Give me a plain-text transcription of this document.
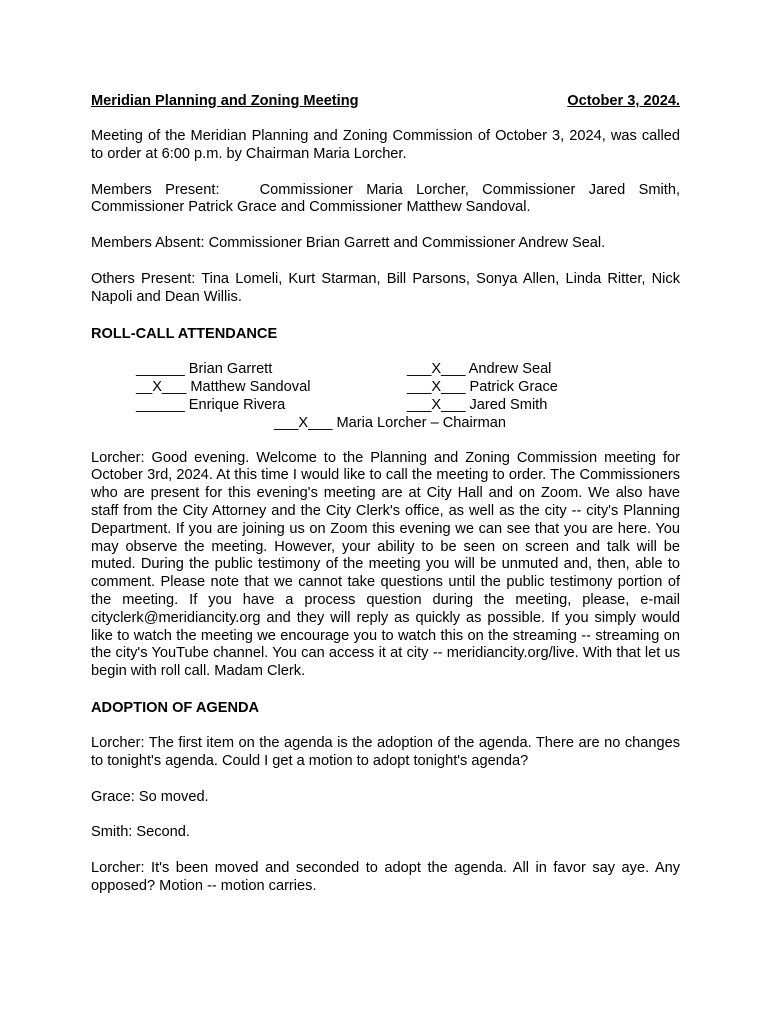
Meridian Planning and Zoning Meeting	October 3, 2024.

Meeting of the Meridian Planning and Zoning Commission of October 3, 2024, was called to order at 6:00 p.m. by Chairman Maria Lorcher.

Members Present:   Commissioner Maria Lorcher, Commissioner Jared Smith, Commissioner Patrick Grace and Commissioner Matthew Sandoval.

Members Absent: Commissioner Brian Garrett and Commissioner Andrew Seal.

Others Present: Tina Lomeli, Kurt Starman, Bill Parsons, Sonya Allen, Linda Ritter, Nick Napoli and Dean Willis.

ROLL-CALL ATTENDANCE
______ Brian Garrett
__X___ Matthew Sandoval
______ Enrique Rivera
___X___ Andrew Seal
___X___ Patrick Grace
___X___ Jared Smith
___X___ Maria Lorcher – Chairman

Lorcher: Good evening. Welcome to the Planning and Zoning Commission meeting for October 3rd, 2024. At this time I would like to call the meeting to order. The Commissioners who are present for this evening's meeting are at City Hall and on Zoom. We also have staff from the City Attorney and the City Clerk's office, as well as the city -- city's Planning Department. If you are joining us on Zoom this evening we can see that you are here. You may observe the meeting. However, your ability to be seen on screen and talk will be muted. During the public testimony of the meeting you will be unmuted and, then, able to comment. Please note that we cannot take questions until the public testimony portion of the meeting. If you have a process question during the meeting, please, e-mail cityclerk@meridiancity.org and they will reply as quickly as possible. If you simply would like to watch the meeting we encourage you to watch this on the streaming -- streaming on the city's YouTube channel. You can access it at city -- meridiancity.org/live. With that let us begin with roll call. Madam Clerk.

ADOPTION OF AGENDA

Lorcher: The first item on the agenda is the adoption of the agenda. There are no changes to tonight's agenda. Could I get a motion to adopt tonight's agenda?

Grace: So moved.

Smith: Second.

Lorcher: It's been moved and seconded to adopt the agenda. All in favor say aye. Any opposed? Motion -- motion carries.
